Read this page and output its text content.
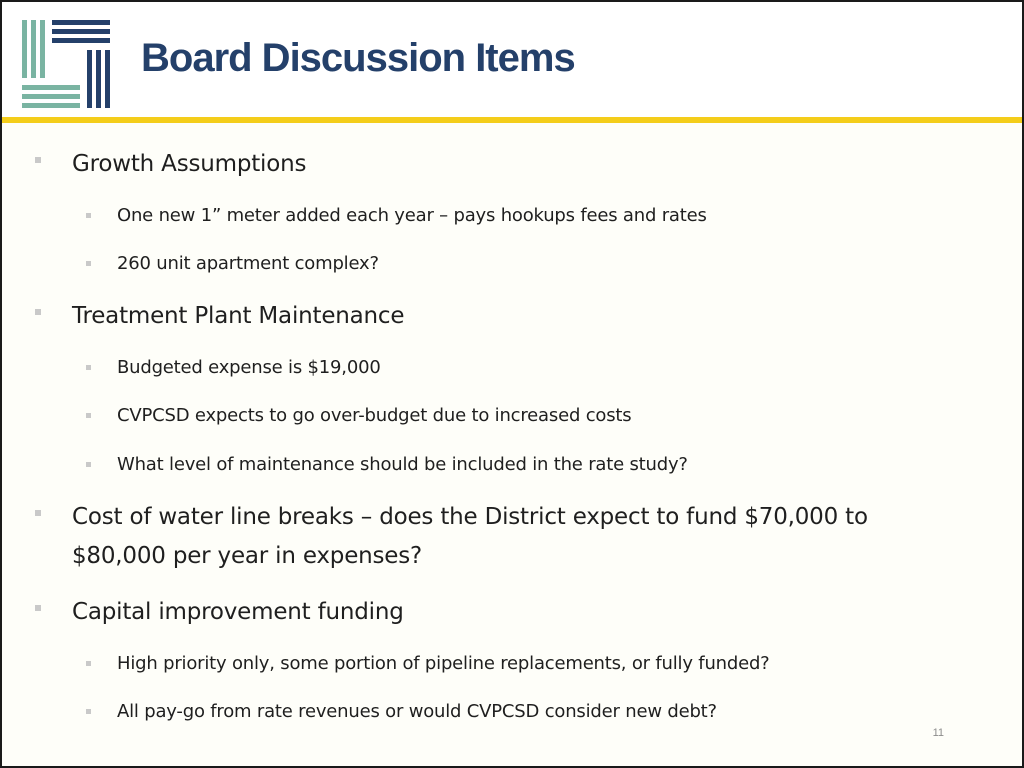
Board Discussion Items
Growth Assumptions
One new 1” meter added each year – pays hookups fees and rates
260 unit apartment complex?
Treatment Plant Maintenance
Budgeted expense is $19,000
CVPCSD expects to go over-budget due to increased costs
What level of maintenance should be included in the rate study?
Cost of water line breaks – does the District expect to fund $70,000 to $80,000 per year in expenses?
Capital improvement funding
High priority only, some portion of pipeline replacements, or fully funded?
All pay-go from rate revenues or would CVPCSD consider new debt?
11
